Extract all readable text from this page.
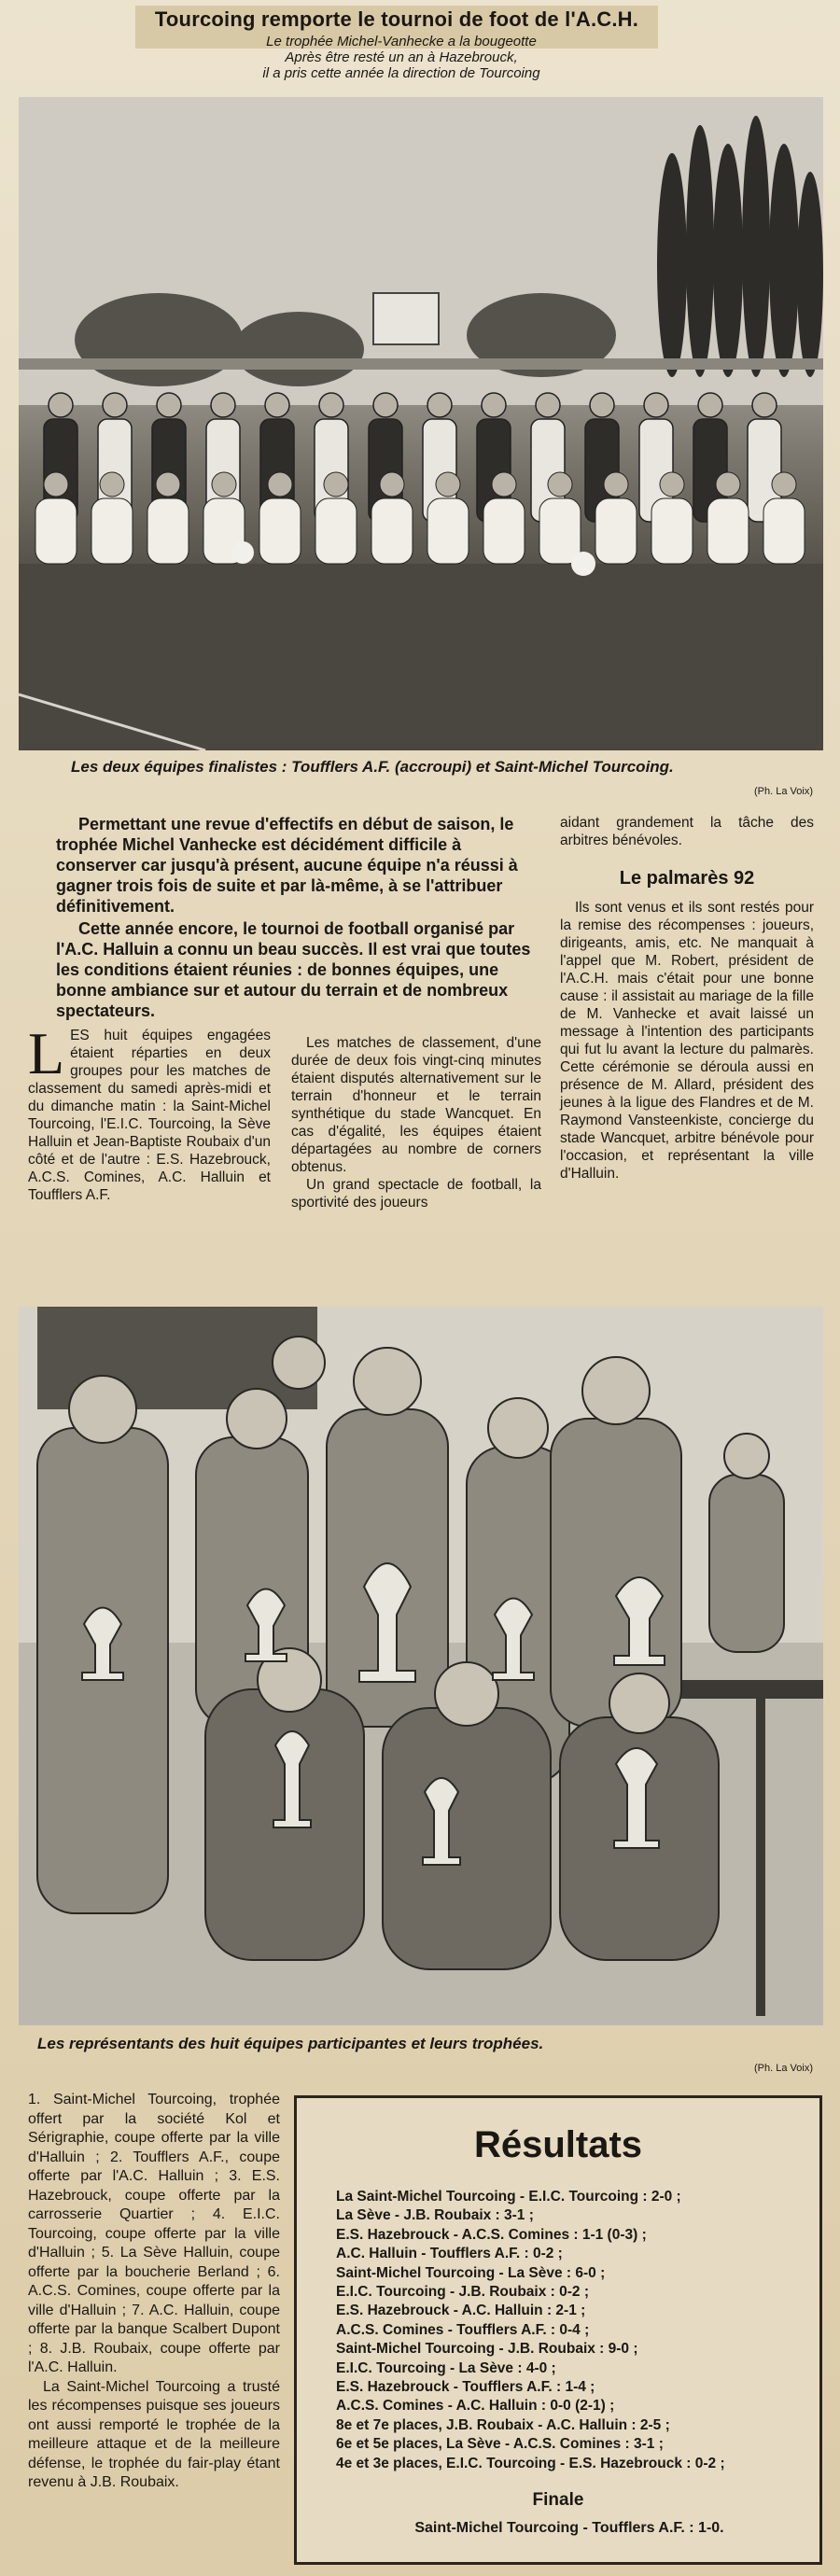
Tourcoing remporte le tournoi de foot de l'A.C.H.
Le trophée Michel-Vanhecke a la bougeotte
Après être resté un an à Hazebrouck,
il a pris cette année la direction de Tourcoing
Les deux équipes finalistes : Toufflers A.F. (accroupi) et Saint-Michel Tourcoing.
(Ph. La Voix)

Permettant une revue d'effectifs en début de saison, le trophée Michel Vanhecke est décidément difficile à conserver car jusqu'à présent, aucune équipe n'a réussi à gagner trois fois de suite et par là-même, à se l'attribuer définitivement.

Cette année encore, le tournoi de football organisé par l'A.C. Halluin a connu un beau succès. Il est vrai que toutes les conditions étaient réunies : de bonnes équipes, une bonne ambiance sur et autour du terrain et de nombreux spectateurs.

L ES huit équipes engagées étaient réparties en deux groupes pour les matches de classement du samedi après-midi et du dimanche matin : la Saint-Michel Tourcoing, l'E.I.C. Tourcoing, la Sève Halluin et Jean-Baptiste Roubaix d'un côté et de l'autre : E.S. Hazebrouck, A.C.S. Comines, A.C. Halluin et Toufflers A.F.

Les matches de classement, d'une durée de deux fois vingt-cinq minutes étaient disputés alternativement sur le terrain d'honneur et le terrain synthétique du stade Wancquet. En cas d'égalité, les équipes étaient départagées au nombre de corners obtenus.

Un grand spectacle de football, la sportivité des joueurs

aidant grandement la tâche des arbitres bénévoles.

Le palmarès 92

Ils sont venus et ils sont restés pour la remise des récompenses : joueurs, dirigeants, amis, etc. Ne manquait à l'appel que M. Robert, président de l'A.C.H. mais c'était pour une bonne cause : il assistait au mariage de la fille de M. Vanhecke et avait laissé un message à l'intention des participants qui fut lu avant la lecture du palmarès. Cette cérémonie se déroula aussi en présence de M. Allard, président des jeunes à la ligue des Flandres et de M. Raymond Vansteenkiste, concierge du stade Wancquet, arbitre bénévole pour l'occasion, et représentant la ville d'Halluin.

Les représentants des huit équipes participantes et leurs trophées.
(Ph. La Voix)

1. Saint-Michel Tourcoing, trophée offert par la société Kol et Sérigraphie, coupe offerte par la ville d'Halluin ; 2. Toufflers A.F., coupe offerte par l'A.C. Halluin ; 3. E.S. Hazebrouck, coupe offerte par la carrosserie Quartier ; 4. E.I.C. Tourcoing, coupe offerte par la ville d'Halluin ; 5. La Sève Halluin, coupe offerte par la boucherie Berland ; 6. A.C.S. Comines, coupe offerte par la ville d'Halluin ; 7. A.C. Halluin, coupe offerte par la banque Scalbert Dupont ; 8. J.B. Roubaix, coupe offerte par l'A.C. Halluin.

La Saint-Michel Tourcoing a trusté les récompenses puisque ses joueurs ont aussi remporté le trophée de la meilleure attaque et de la meilleure défense, le trophée du fair-play étant revenu à J.B. Roubaix.

Résultats
La Saint-Michel Tourcoing - E.I.C. Tourcoing : 2-0 ;
La Sève - J.B. Roubaix : 3-1 ;
E.S. Hazebrouck - A.C.S. Comines : 1-1 (0-3) ;
A.C. Halluin - Toufflers A.F. : 0-2 ;
Saint-Michel Tourcoing - La Sève : 6-0 ;
E.I.C. Tourcoing - J.B. Roubaix : 0-2 ;
E.S. Hazebrouck - A.C. Halluin : 2-1 ;
A.C.S. Comines - Toufflers A.F. : 0-4 ;
Saint-Michel Tourcoing - J.B. Roubaix : 9-0 ;
E.I.C. Tourcoing - La Sève : 4-0 ;
E.S. Hazebrouck - Toufflers A.F. : 1-4 ;
A.C.S. Comines - A.C. Halluin : 0-0 (2-1) ;
8e et 7e places, J.B. Roubaix - A.C. Halluin : 2-5 ;
6e et 5e places, La Sève - A.C.S. Comines : 3-1 ;
4e et 3e places, E.I.C. Tourcoing - E.S. Hazebrouck : 0-2 ;
Finale
Saint-Michel Tourcoing - Toufflers A.F. : 1-0.
